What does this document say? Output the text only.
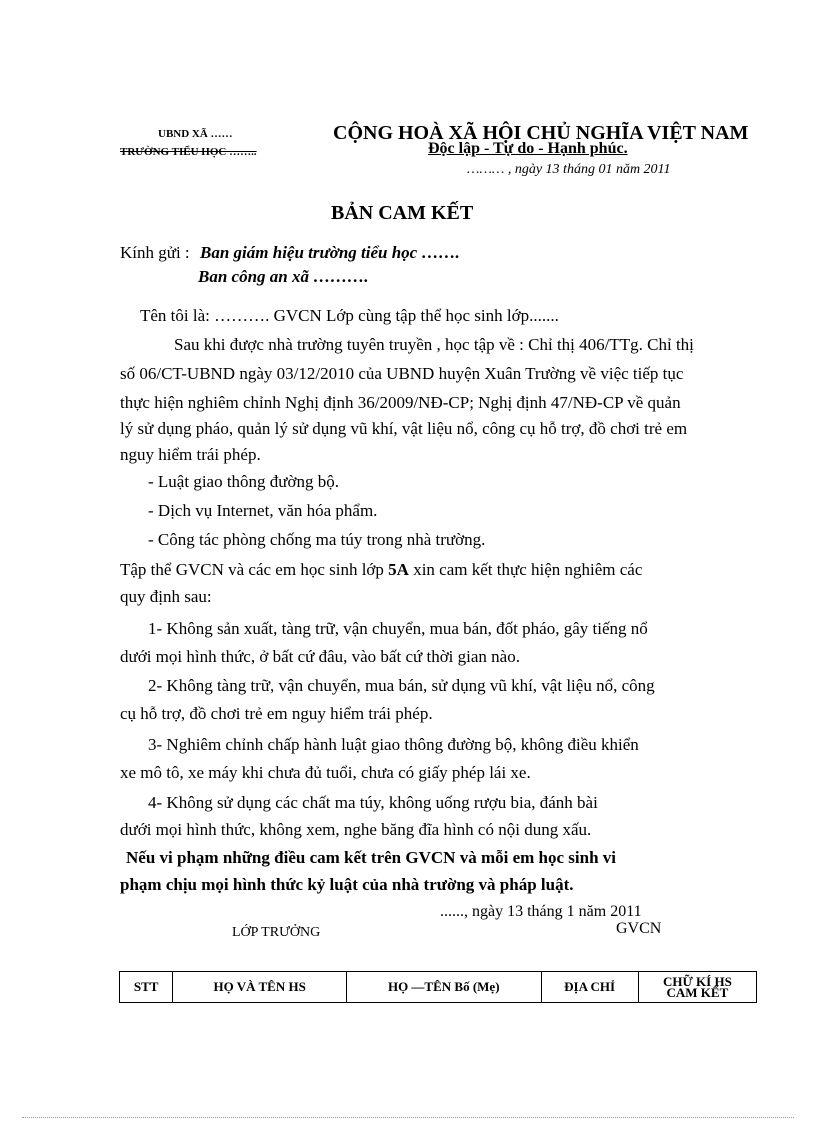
UBND XÃ ……
TRƯỜNG TIỂU HỌC ……..
CỘNG HOÀ XÃ HỘI CHỦ NGHĨA VIỆT NAM
Độc lập - Tự do - Hạnh phúc.
……… , ngày 13 tháng 01 năm 2011
BẢN CAM KẾT
Kính gửi : Ban giám hiệu trường tiểu học …….
Ban công an xã ……….
Tên tôi là: ………. GVCN Lớp cùng tập thể học sinh lớp.......
Sau khi được nhà trường tuyên truyền , học tập về : Chỉ thị 406/TTg. Chỉ thị
số 06/CT-UBND ngày 03/12/2010 của UBND huyện Xuân Trường về việc tiếp tục
thực hiện nghiêm chỉnh Nghị định 36/2009/NĐ-CP; Nghị định 47/NĐ-CP về quản
lý sử dụng pháo, quản lý sử dụng vũ khí, vật liệu nổ, công cụ hỗ trợ, đồ chơi trẻ em
nguy hiểm trái phép.
- Luật giao thông đường bộ.
- Dịch vụ Internet, văn hóa phẩm.
- Công tác phòng chống ma túy trong nhà trường.
Tập thể GVCN và các em học sinh lớp 5A xin cam kết thực hiện nghiêm các
quy định sau:
1- Không sản xuất, tàng trữ, vận chuyển, mua bán, đốt pháo, gây tiếng nổ
dưới mọi hình thức, ở bất cứ đâu, vào bất cứ thời gian nào.
2- Không tàng trữ, vận chuyển, mua bán, sử dụng vũ khí, vật liệu nổ, công
cụ hỗ trợ, đồ chơi trẻ em nguy hiểm trái phép.
3- Nghiêm chỉnh chấp hành luật giao thông đường bộ, không điều khiển
xe mô tô, xe máy khi chưa đủ tuổi, chưa có giấy phép lái xe.
4- Không sử dụng các chất ma túy, không uống rượu bia, đánh bài
dưới mọi hình thức, không xem, nghe băng đĩa hình có nội dung xấu.
Nếu vi phạm những điều cam kết trên GVCN và mỗi em học sinh vi
phạm chịu mọi hình thức kỷ luật của nhà trường và pháp luật.
......, ngày 13 tháng 1 năm 2011
LỚP TRƯỞNG	GVCN
STT	HỌ VÀ TÊN HS	HỌ —TÊN Bố (Mẹ)	ĐỊA CHỈ	CHỮ KÍ HS
CAM KẾT
